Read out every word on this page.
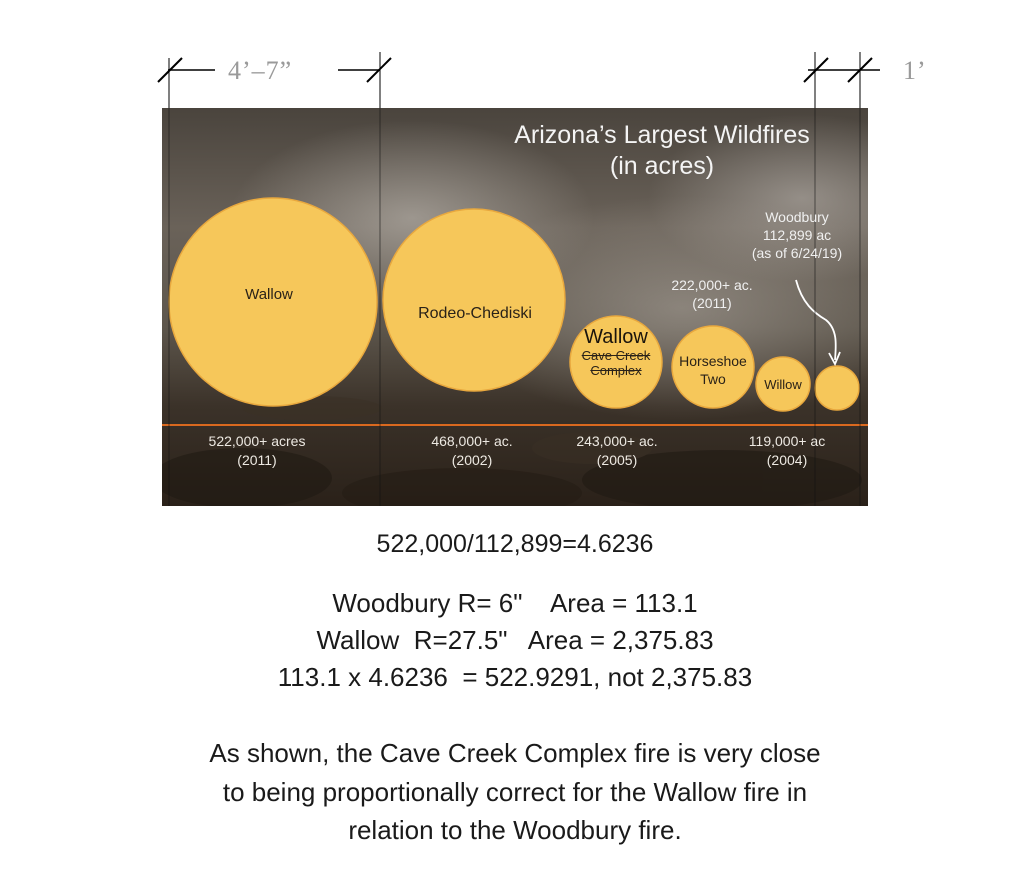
4’–7”	1’
Arizona’s Largest Wildfires
(in acres)
Woodbury
112,899 ac
(as of 6/24/19)
222,000+ ac.
(2011)
Wallow
Rodeo-Chediski
Wallow
Cave Creek
Complex
Horseshoe
Two	Willow
522,000+ acres
(2011)
468,000+ ac.
(2002)
243,000+ ac.
(2005)
119,000+ ac
(2004)
522,000/112,899=4.6236
Woodbury R= 6"    Area = 113.1
Wallow  R=27.5"   Area = 2,375.83
113.1 x 4.6236  = 522.9291, not 2,375.83
As shown, the Cave Creek Complex fire is very close
to being proportionally correct for the Wallow fire in
relation to the Woodbury fire.
